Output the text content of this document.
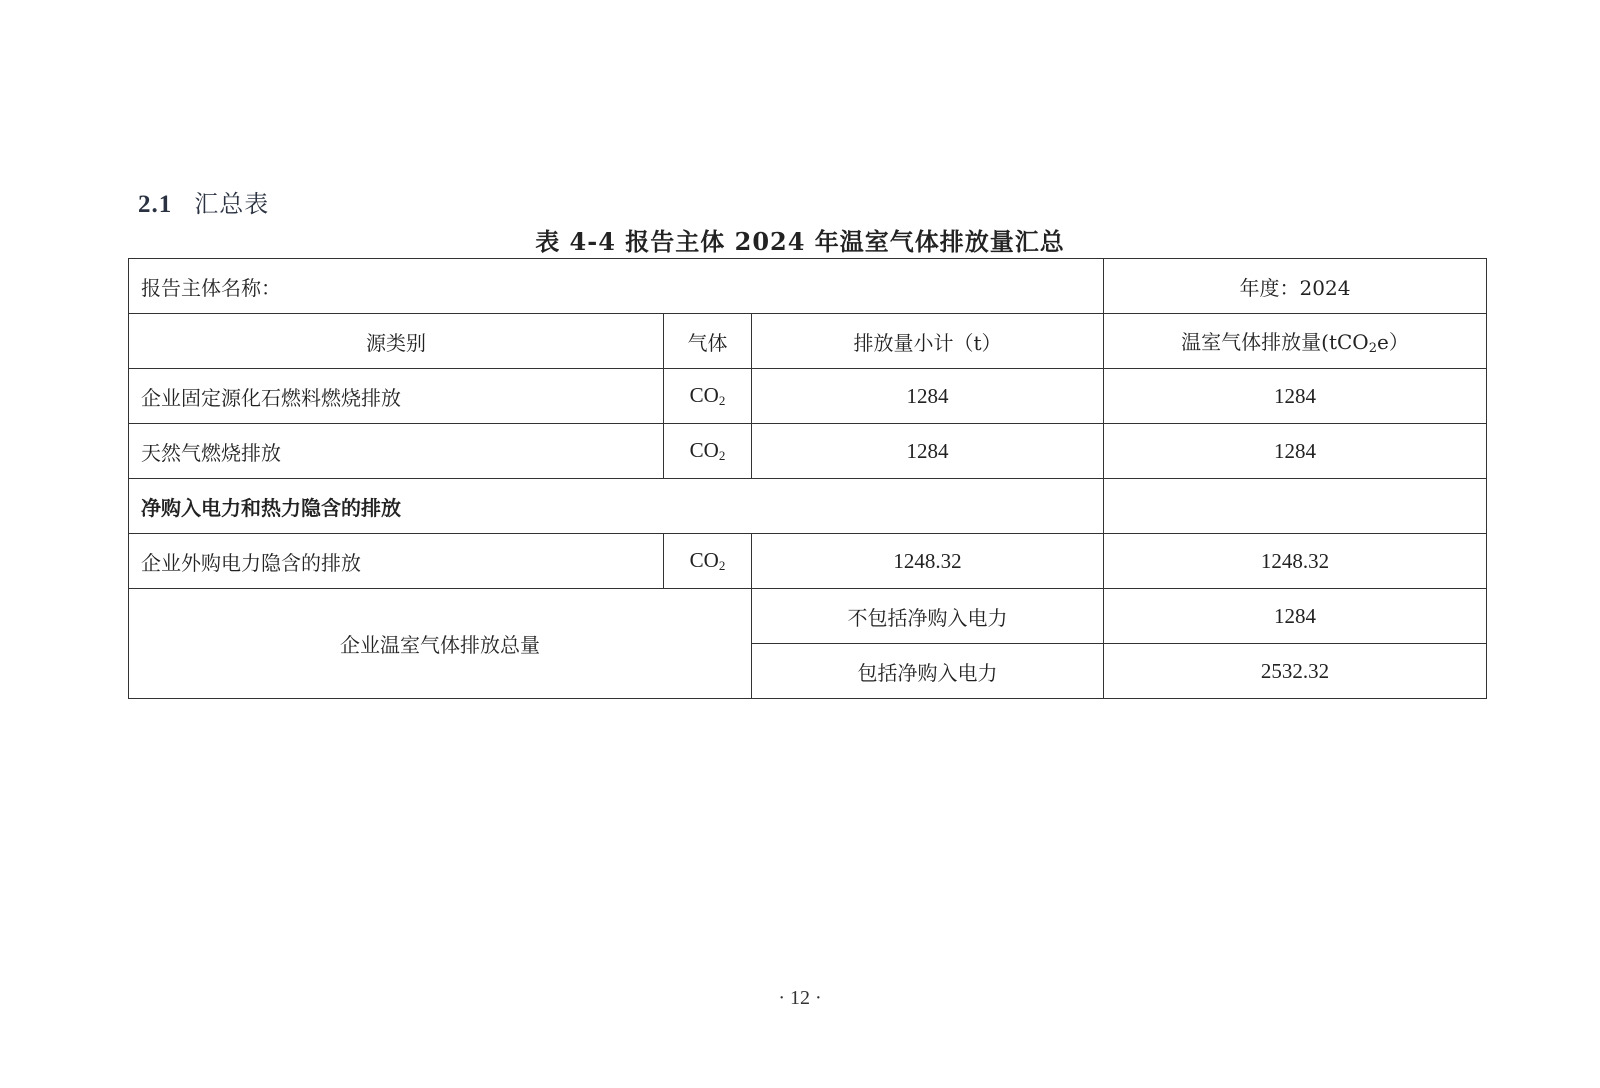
2.1 汇总表
表 4-4 报告主体 2024 年温室气体排放量汇总
报告主体名称：			年度：2024
源类别	气体	排放量小计（t）	温室气体排放量(tCO$_2$e）
企业固定源化石燃料燃烧排放	$CO_2$	1284	1284
天然气燃烧排放	$CO_2$	1284	1284
净购入电力和热力隐含的排放			
企业外购电力隐含的排放	$CO_2$	1248.32	1248.32
企业温室气体排放总量		不包括净购入电力	1284
		包括净购入电力	2532.32
· 12 ·
